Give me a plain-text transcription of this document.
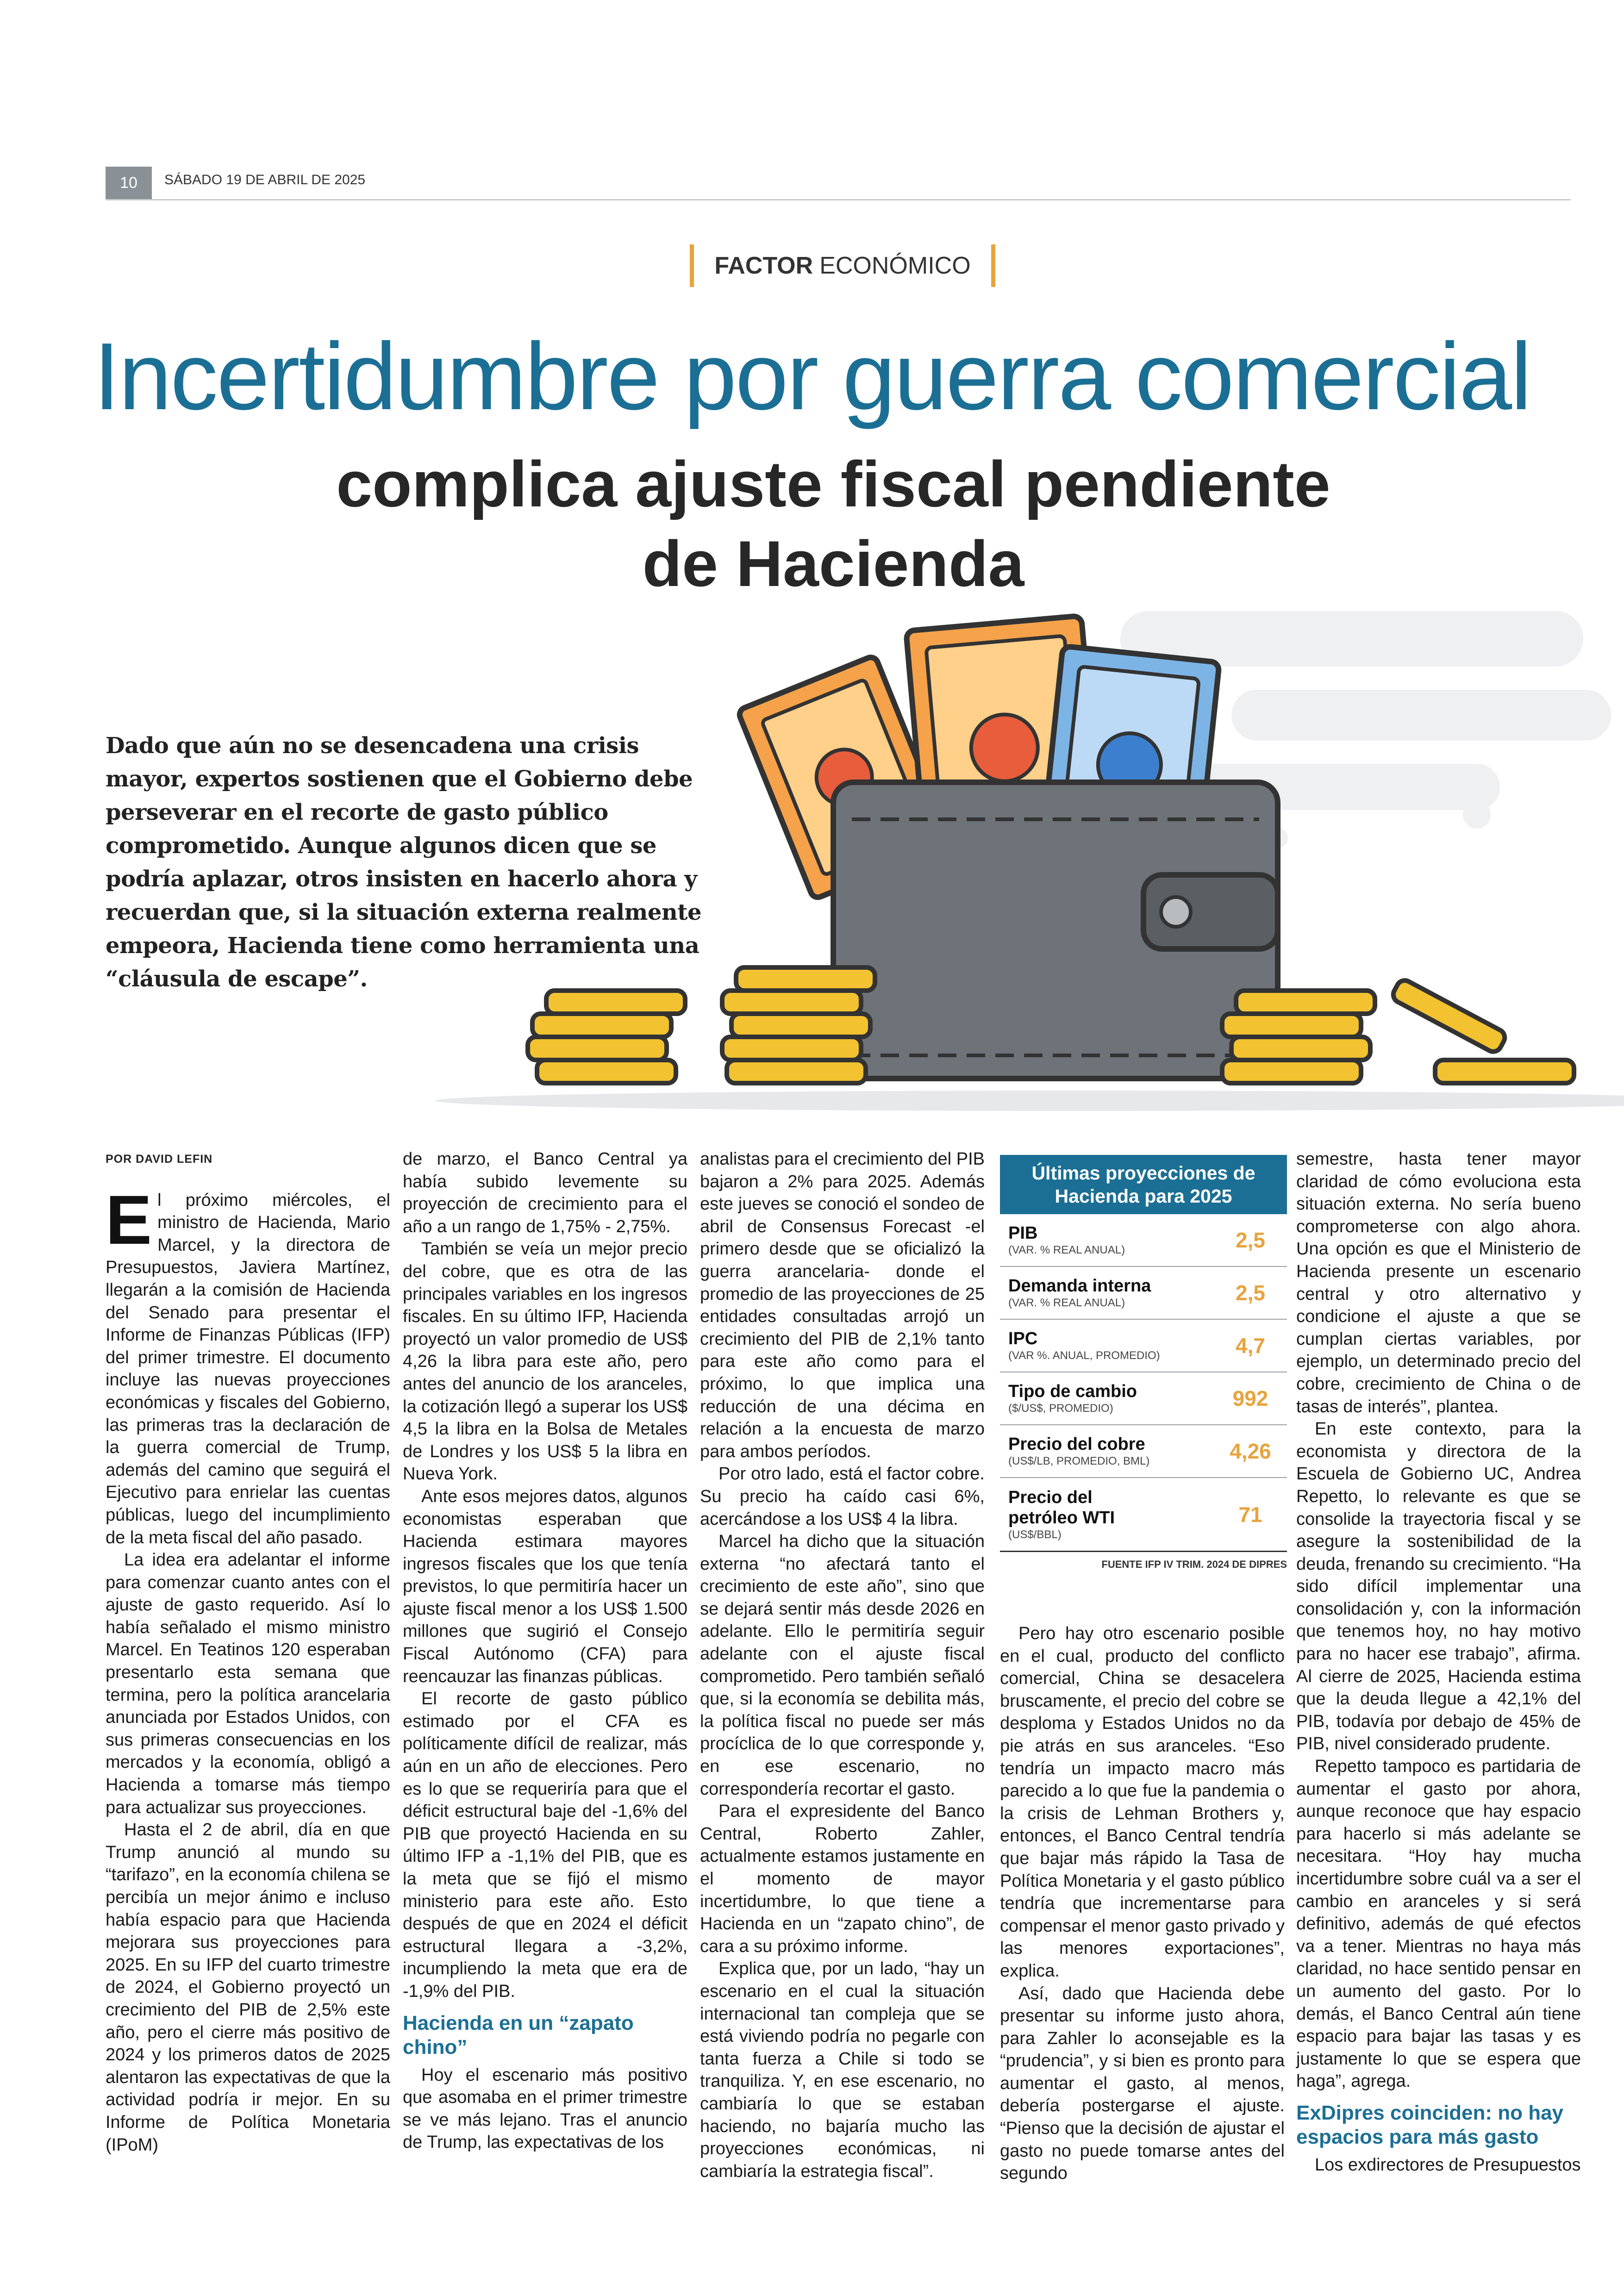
10	SÁBADO 19 DE ABRIL DE 2025
FACTOR ECONÓMICO
Incertidumbre por guerra comercial
complica ajuste fiscal pendiente
de Hacienda
Dado que aún no se desencadena una crisis mayor, expertos sostienen que el Gobierno debe perseverar en el recorte de gasto público comprometido. Aunque algunos dicen que se podría aplazar, otros insisten en hacerlo ahora y recuerdan que, si la situación externa realmente empeora, Hacienda tiene como herramienta una “cláusula de escape”.
POR DAVID LEFIN

El próximo miércoles, el ministro de Hacienda, Mario Marcel, y la directora de Presupuestos, Javiera Martínez, llegarán a la comisión de Hacienda del Senado para presentar el Informe de Finanzas Públicas (IFP) del primer trimestre. El documento incluye las nuevas proyecciones económicas y fiscales del Gobierno, las primeras tras la declaración de la guerra comercial de Trump, además del camino que seguirá el Ejecutivo para enrielar las cuentas públicas, luego del incumplimiento de la meta fiscal del año pasado.

La idea era adelantar el informe para comenzar cuanto antes con el ajuste de gasto requerido. Así lo había señalado el mismo ministro Marcel. En Teatinos 120 esperaban presentarlo esta semana que termina, pero la política arancelaria anunciada por Estados Unidos, con sus primeras consecuencias en los mercados y la economía, obligó a Hacienda a tomarse más tiempo para actualizar sus proyecciones.

Hasta el 2 de abril, día en que Trump anunció al mundo su “tarifazo”, en la economía chilena se percibía un mejor ánimo e incluso había espacio para que Hacienda mejorara sus proyecciones para 2025. En su IFP del cuarto trimestre de 2024, el Gobierno proyectó un crecimiento del PIB de 2,5% este año, pero el cierre más positivo de 2024 y los primeros datos de 2025 alentaron las expectativas de que la actividad podría ir mejor. En su Informe de Política Monetaria (IPoM)

de marzo, el Banco Central ya había subido levemente su proyección de crecimiento para el año a un rango de 1,75% - 2,75%.

También se veía un mejor precio del cobre, que es otra de las principales variables en los ingresos fiscales. En su último IFP, Hacienda proyectó un valor promedio de US$ 4,26 la libra para este año, pero antes del anuncio de los aranceles, la cotización llegó a superar los US$ 4,5 la libra en la Bolsa de Metales de Londres y los US$ 5 la libra en Nueva York.

Ante esos mejores datos, algunos economistas esperaban que Hacienda estimara mayores ingresos fiscales que los que tenía previstos, lo que permitiría hacer un ajuste fiscal menor a los US$ 1.500 millones que sugirió el Consejo Fiscal Autónomo (CFA) para reencauzar las finanzas públicas.

El recorte de gasto público estimado por el CFA es políticamente difícil de realizar, más aún en un año de elecciones. Pero es lo que se requeriría para que el déficit estructural baje del -1,6% del PIB que proyectó Hacienda en su último IFP a -1,1% del PIB, que es la meta que se fijó el mismo ministerio para este año. Esto después de que en 2024 el déficit estructural llegara a -3,2%, incumpliendo la meta que era de -1,9% del PIB.

Hacienda en un “zapato chino”

Hoy el escenario más positivo que asomaba en el primer trimestre se ve más lejano. Tras el anuncio de Trump, las expectativas de los

analistas para el crecimiento del PIB bajaron a 2% para 2025. Además este jueves se conoció el sondeo de abril de Consensus Forecast -el primero desde que se oficializó la guerra arancelaria- donde el promedio de las proyecciones de 25 entidades consultadas arrojó un crecimiento del PIB de 2,1% tanto para este año como para el próximo, lo que implica una reducción de una décima en relación a la encuesta de marzo para ambos períodos.

Por otro lado, está el factor cobre. Su precio ha caído casi 6%, acercándose a los US$ 4 la libra.

Marcel ha dicho que la situación externa “no afectará tanto el crecimiento de este año”, sino que se dejará sentir más desde 2026 en adelante. Ello le permitiría seguir adelante con el ajuste fiscal comprometido. Pero también señaló que, si la economía se debilita más, la política fiscal no puede ser más procíclica de lo que corresponde y, en ese escenario, no correspondería recortar el gasto.

Para el expresidente del Banco Central, Roberto Zahler, actualmente estamos justamente en el momento de mayor incertidumbre, lo que tiene a Hacienda en un “zapato chino”, de cara a su próximo informe.

Explica que, por un lado, “hay un escenario en el cual la situación internacional tan compleja que se está viviendo podría no pegarle con tanta fuerza a Chile si todo se tranquiliza. Y, en ese escenario, no cambiaría lo que se estaban haciendo, no bajaría mucho las proyecciones económicas, ni cambiaría la estrategia fiscal”.

Últimas proyecciones de Hacienda para 2025
PIB
(VAR. % REAL ANUAL)	2,5
Demanda interna
(VAR. % REAL ANUAL)	2,5
IPC
(VAR %. ANUAL, PROMEDIO)	4,7
Tipo de cambio
($/US$, PROMEDIO)	992
Precio del cobre
(US$/LB, PROMEDIO, BML)	4,26
Precio del petróleo WTI
(US$/BBL)
71
FUENTE IFP IV TRIM. 2024 DE DIPRES

Pero hay otro escenario posible en el cual, producto del conflicto comercial, China se desacelera bruscamente, el precio del cobre se desploma y Estados Unidos no da pie atrás en sus aranceles. “Eso tendría un impacto macro más parecido a lo que fue la pandemia o la crisis de Lehman Brothers y, entonces, el Banco Central tendría que bajar más rápido la Tasa de Política Monetaria y el gasto público tendría que incrementarse para compensar el menor gasto privado y las menores exportaciones”, explica.

Así, dado que Hacienda debe presentar su informe justo ahora, para Zahler lo aconsejable es la “prudencia”, y si bien es pronto para aumentar el gasto, al menos, debería postergarse el ajuste. “Pienso que la decisión de ajustar el gasto no puede tomarse antes del segundo

semestre, hasta tener mayor claridad de cómo evoluciona esta situación externa. No sería bueno comprometerse con algo ahora. Una opción es que el Ministerio de Hacienda presente un escenario central y otro alternativo y condicione el ajuste a que se cumplan ciertas variables, por ejemplo, un determinado precio del cobre, crecimiento de China o de tasas de interés”, plantea.

En este contexto, para la economista y directora de la Escuela de Gobierno UC, Andrea Repetto, lo relevante es que se consolide la trayectoria fiscal y se asegure la sostenibilidad de la deuda, frenando su crecimiento. “Ha sido difícil implementar una consolidación y, con la información que tenemos hoy, no hay motivo para no hacer ese trabajo”, afirma. Al cierre de 2025, Hacienda estima que la deuda llegue a 42,1% del PIB, todavía por debajo de 45% de PIB, nivel considerado prudente.

Repetto tampoco es partidaria de aumentar el gasto por ahora, aunque reconoce que hay espacio para hacerlo si más adelante se necesitara. “Hoy hay mucha incertidumbre sobre cuál va a ser el cambio en aranceles y si será definitivo, además de qué efectos va a tener. Mientras no haya más claridad, no hace sentido pensar en un aumento del gasto. Por lo demás, el Banco Central aún tiene espacio para bajar las tasas y es justamente lo que se espera que haga”, agrega.

ExDipres coinciden: no hay espacios para más gasto

Los exdirectores de Presupuestos
